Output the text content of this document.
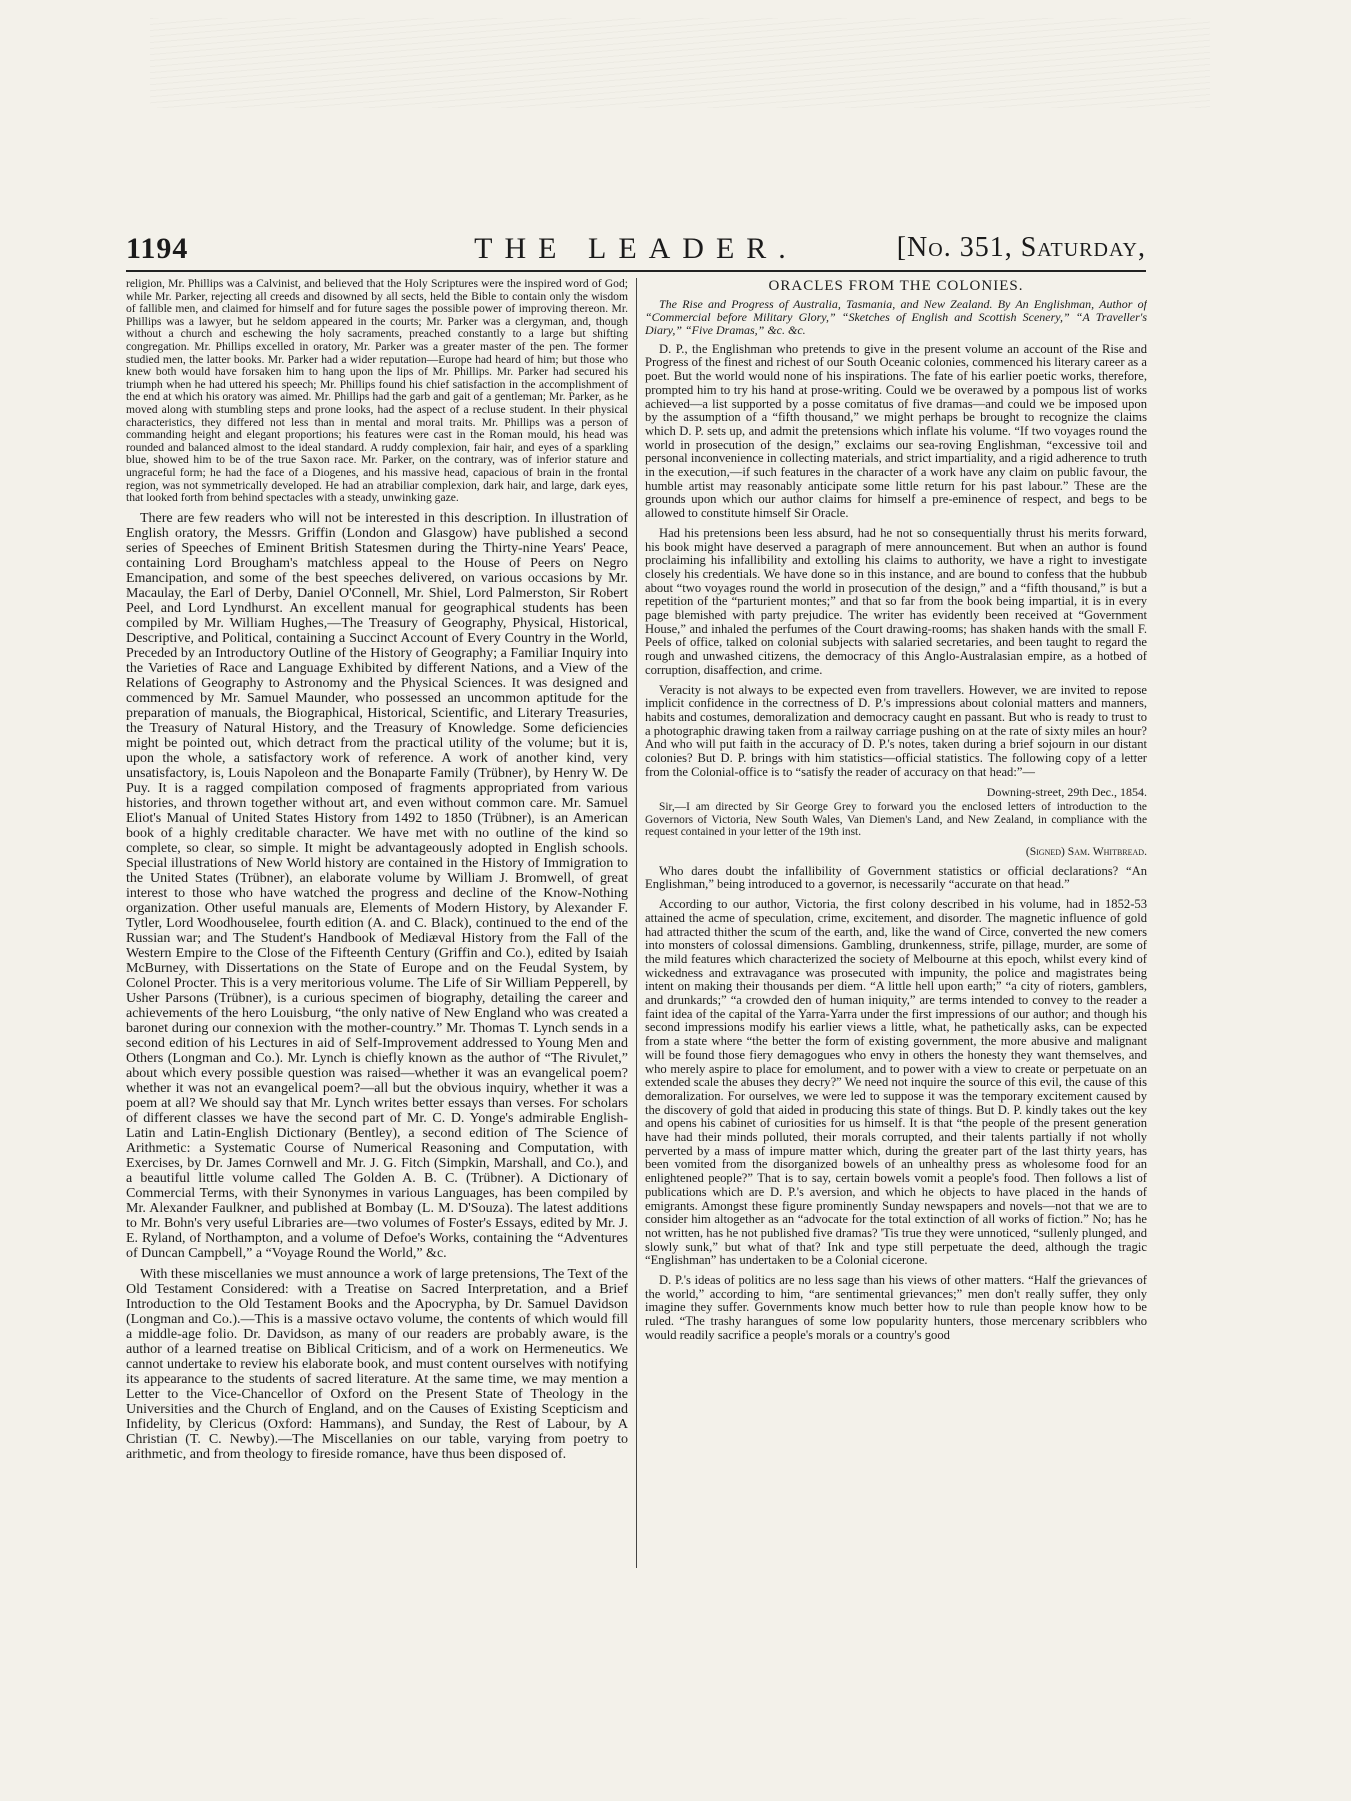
1194	THE LEADER.	[No. 351, Saturday,

religion, Mr. Phillips was a Calvinist, and believed that the Holy Scriptures were the inspired word of God; while Mr. Parker, rejecting all creeds and disowned by all sects, held the Bible to contain only the wisdom of fallible men, and claimed for himself and for future sages the possible power of improving thereon. Mr. Phillips was a lawyer, but he seldom appeared in the courts; Mr. Parker was a clergyman, and, though without a church and eschewing the holy sacraments, preached constantly to a large but shifting congregation. Mr. Phillips excelled in oratory, Mr. Parker was a greater master of the pen. The former studied men, the latter books. Mr. Parker had a wider reputation—Europe had heard of him; but those who knew both would have forsaken him to hang upon the lips of Mr. Phillips. Mr. Parker had secured his triumph when he had uttered his speech; Mr. Phillips found his chief satisfaction in the accomplishment of the end at which his oratory was aimed. Mr. Phillips had the garb and gait of a gentleman; Mr. Parker, as he moved along with stumbling steps and prone looks, had the aspect of a recluse student. In their physical characteristics, they differed not less than in mental and moral traits. Mr. Phillips was a person of commanding height and elegant proportions; his features were cast in the Roman mould, his head was rounded and balanced almost to the ideal standard. A ruddy complexion, fair hair, and eyes of a sparkling blue, showed him to be of the true Saxon race. Mr. Parker, on the contrary, was of inferior stature and ungraceful form; he had the face of a Diogenes, and his massive head, capacious of brain in the frontal region, was not symmetrically developed. He had an atrabiliar complexion, dark hair, and large, dark eyes, that looked forth from behind spectacles with a steady, unwinking gaze.

There are few readers who will not be interested in this description. In illustration of English oratory, the Messrs. Griffin (London and Glasgow) have published a second series of Speeches of Eminent British Statesmen during the Thirty-nine Years' Peace, containing Lord Brougham's matchless appeal to the House of Peers on Negro Emancipation, and some of the best speeches delivered, on various occasions by Mr. Macaulay, the Earl of Derby, Daniel O'Connell, Mr. Shiel, Lord Palmerston, Sir Robert Peel, and Lord Lyndhurst. An excellent manual for geographical students has been compiled by Mr. William Hughes,—The Treasury of Geography, Physical, Historical, Descriptive, and Political, containing a Succinct Account of Every Country in the World, Preceded by an Introductory Outline of the History of Geography; a Familiar Inquiry into the Varieties of Race and Language Exhibited by different Nations, and a View of the Relations of Geography to Astronomy and the Physical Sciences. It was designed and commenced by Mr. Samuel Maunder, who possessed an uncommon aptitude for the preparation of manuals, the Biographical, Historical, Scientific, and Literary Treasuries, the Treasury of Natural History, and the Treasury of Knowledge. Some deficiencies might be pointed out, which detract from the practical utility of the volume; but it is, upon the whole, a satisfactory work of reference. A work of another kind, very unsatisfactory, is, Louis Napoleon and the Bonaparte Family (Trübner), by Henry W. De Puy. It is a ragged compilation composed of fragments appropriated from various histories, and thrown together without art, and even without common care. Mr. Samuel Eliot's Manual of United States History from 1492 to 1850 (Trübner), is an American book of a highly creditable character. We have met with no outline of the kind so complete, so clear, so simple. It might be advantageously adopted in English schools. Special illustrations of New World history are contained in the History of Immigration to the United States (Trübner), an elaborate volume by William J. Bromwell, of great interest to those who have watched the progress and decline of the Know-Nothing organization. Other useful manuals are, Elements of Modern History, by Alexander F. Tytler, Lord Woodhouselee, fourth edition (A. and C. Black), continued to the end of the Russian war; and The Student's Handbook of Mediæval History from the Fall of the Western Empire to the Close of the Fifteenth Century (Griffin and Co.), edited by Isaiah McBurney, with Dissertations on the State of Europe and on the Feudal System, by Colonel Procter. This is a very meritorious volume. The Life of Sir William Pepperell, by Usher Parsons (Trübner), is a curious specimen of biography, detailing the career and achievements of the hero Louisburg, “the only native of New England who was created a baronet during our connexion with the mother-country.” Mr. Thomas T. Lynch sends in a second edition of his Lectures in aid of Self-Improvement addressed to Young Men and Others (Longman and Co.). Mr. Lynch is chiefly known as the author of “The Rivulet,” about which every possible question was raised—whether it was an evangelical poem? whether it was not an evangelical poem?—all but the obvious inquiry, whether it was a poem at all? We should say that Mr. Lynch writes better essays than verses. For scholars of different classes we have the second part of Mr. C. D. Yonge's admirable English-Latin and Latin-English Dictionary (Bentley), a second edition of The Science of Arithmetic: a Systematic Course of Numerical Reasoning and Computation, with Exercises, by Dr. James Cornwell and Mr. J. G. Fitch (Simpkin, Marshall, and Co.), and a beautiful little volume called The Golden A. B. C. (Trübner). A Dictionary of Commercial Terms, with their Synonymes in various Languages, has been compiled by Mr. Alexander Faulkner, and published at Bombay (L. M. D'Souza). The latest additions to Mr. Bohn's very useful Libraries are—two volumes of Foster's Essays, edited by Mr. J. E. Ryland, of Northampton, and a volume of Defoe's Works, containing the “Adventures of Duncan Campbell,” a “Voyage Round the World,” &c.

With these miscellanies we must announce a work of large pretensions, The Text of the Old Testament Considered: with a Treatise on Sacred Interpretation, and a Brief Introduction to the Old Testament Books and the Apocrypha, by Dr. Samuel Davidson (Longman and Co.).—This is a massive octavo volume, the contents of which would fill a middle-age folio. Dr. Davidson, as many of our readers are probably aware, is the author of a learned treatise on Biblical Criticism, and of a work on Hermeneutics. We cannot undertake to review his elaborate book, and must content ourselves with notifying its appearance to the students of sacred literature. At the same time, we may mention a Letter to the Vice-Chancellor of Oxford on the Present State of Theology in the Universities and the Church of England, and on the Causes of Existing Scepticism and Infidelity, by Clericus (Oxford: Hammans), and Sunday, the Rest of Labour, by A Christian (T. C. Newby).—The Miscellanies on our table, varying from poetry to arithmetic, and from theology to fireside romance, have thus been disposed of.

ORACLES FROM THE COLONIES.

The Rise and Progress of Australia, Tasmania, and New Zealand. By An Englishman, Author of “Commercial before Military Glory,” “Sketches of English and Scottish Scenery,” “A Traveller's Diary,” “Five Dramas,” &c. &c.

D. P., the Englishman who pretends to give in the present volume an account of the Rise and Progress of the finest and richest of our South Oceanic colonies, commenced his literary career as a poet. But the world would none of his inspirations. The fate of his earlier poetic works, therefore, prompted him to try his hand at prose-writing. Could we be overawed by a pompous list of works achieved—a list supported by a posse comitatus of five dramas—and could we be imposed upon by the assumption of a “fifth thousand,” we might perhaps be brought to recognize the claims which D. P. sets up, and admit the pretensions which inflate his volume. “If two voyages round the world in prosecution of the design,” exclaims our sea-roving Englishman, “excessive toil and personal inconvenience in collecting materials, and strict impartiality, and a rigid adherence to truth in the execution,—if such features in the character of a work have any claim on public favour, the humble artist may reasonably anticipate some little return for his past labour.” These are the grounds upon which our author claims for himself a pre-eminence of respect, and begs to be allowed to constitute himself Sir Oracle.

Had his pretensions been less absurd, had he not so consequentially thrust his merits forward, his book might have deserved a paragraph of mere announcement. But when an author is found proclaiming his infallibility and extolling his claims to authority, we have a right to investigate closely his credentials. We have done so in this instance, and are bound to confess that the hubbub about “two voyages round the world in prosecution of the design,” and a “fifth thousand,” is but a repetition of the “parturient montes;” and that so far from the book being impartial, it is in every page blemished with party prejudice. The writer has evidently been received at “Government House,” and inhaled the perfumes of the Court drawing-rooms; has shaken hands with the small F. Peels of office, talked on colonial subjects with salaried secretaries, and been taught to regard the rough and unwashed citizens, the democracy of this Anglo-Australasian empire, as a hotbed of corruption, disaffection, and crime.

Veracity is not always to be expected even from travellers. However, we are invited to repose implicit confidence in the correctness of D. P.'s impressions about colonial matters and manners, habits and costumes, demoralization and democracy caught en passant. But who is ready to trust to a photographic drawing taken from a railway carriage pushing on at the rate of sixty miles an hour? And who will put faith in the accuracy of D. P.'s notes, taken during a brief sojourn in our distant colonies? But D. P. brings with him statistics—official statistics. The following copy of a letter from the Colonial-office is to “satisfy the reader of accuracy on that head:”—

Downing-street, 29th Dec., 1854.

Sir,—I am directed by Sir George Grey to forward you the enclosed letters of introduction to the Governors of Victoria, New South Wales, Van Diemen's Land, and New Zealand, in compliance with the request contained in your letter of the 19th inst.

(Signed) Sam. Whitbread.

Who dares doubt the infallibility of Government statistics or official declarations? “An Englishman,” being introduced to a governor, is necessarily “accurate on that head.”

According to our author, Victoria, the first colony described in his volume, had in 1852-53 attained the acme of speculation, crime, excitement, and disorder. The magnetic influence of gold had attracted thither the scum of the earth, and, like the wand of Circe, converted the new comers into monsters of colossal dimensions. Gambling, drunkenness, strife, pillage, murder, are some of the mild features which characterized the society of Melbourne at this epoch, whilst every kind of wickedness and extravagance was prosecuted with impunity, the police and magistrates being intent on making their thousands per diem. “A little hell upon earth;” “a city of rioters, gamblers, and drunkards;” “a crowded den of human iniquity,” are terms intended to convey to the reader a faint idea of the capital of the Yarra-Yarra under the first impressions of our author; and though his second impressions modify his earlier views a little, what, he pathetically asks, can be expected from a state where “the better the form of existing government, the more abusive and malignant will be found those fiery demagogues who envy in others the honesty they want themselves, and who merely aspire to place for emolument, and to power with a view to create or perpetuate on an extended scale the abuses they decry?” We need not inquire the source of this evil, the cause of this demoralization. For ourselves, we were led to suppose it was the temporary excitement caused by the discovery of gold that aided in producing this state of things. But D. P. kindly takes out the key and opens his cabinet of curiosities for us himself. It is that “the people of the present generation have had their minds polluted, their morals corrupted, and their talents partially if not wholly perverted by a mass of impure matter which, during the greater part of the last thirty years, has been vomited from the disorganized bowels of an unhealthy press as wholesome food for an enlightened people?” That is to say, certain bowels vomit a people's food. Then follows a list of publications which are D. P.'s aversion, and which he objects to have placed in the hands of emigrants. Amongst these figure prominently Sunday newspapers and novels—not that we are to consider him altogether as an “advocate for the total extinction of all works of fiction.” No; has he not written, has he not published five dramas? 'Tis true they were unnoticed, “sullenly plunged, and slowly sunk,” but what of that? Ink and type still perpetuate the deed, although the tragic “Englishman” has undertaken to be a Colonial cicerone.

D. P.'s ideas of politics are no less sage than his views of other matters. “Half the grievances of the world,” according to him, “are sentimental grievances;” men don't really suffer, they only imagine they suffer. Governments know much better how to rule than people know how to be ruled. “The trashy harangues of some low popularity hunters, those mercenary scribblers who would readily sacrifice a people's morals or a country's good
